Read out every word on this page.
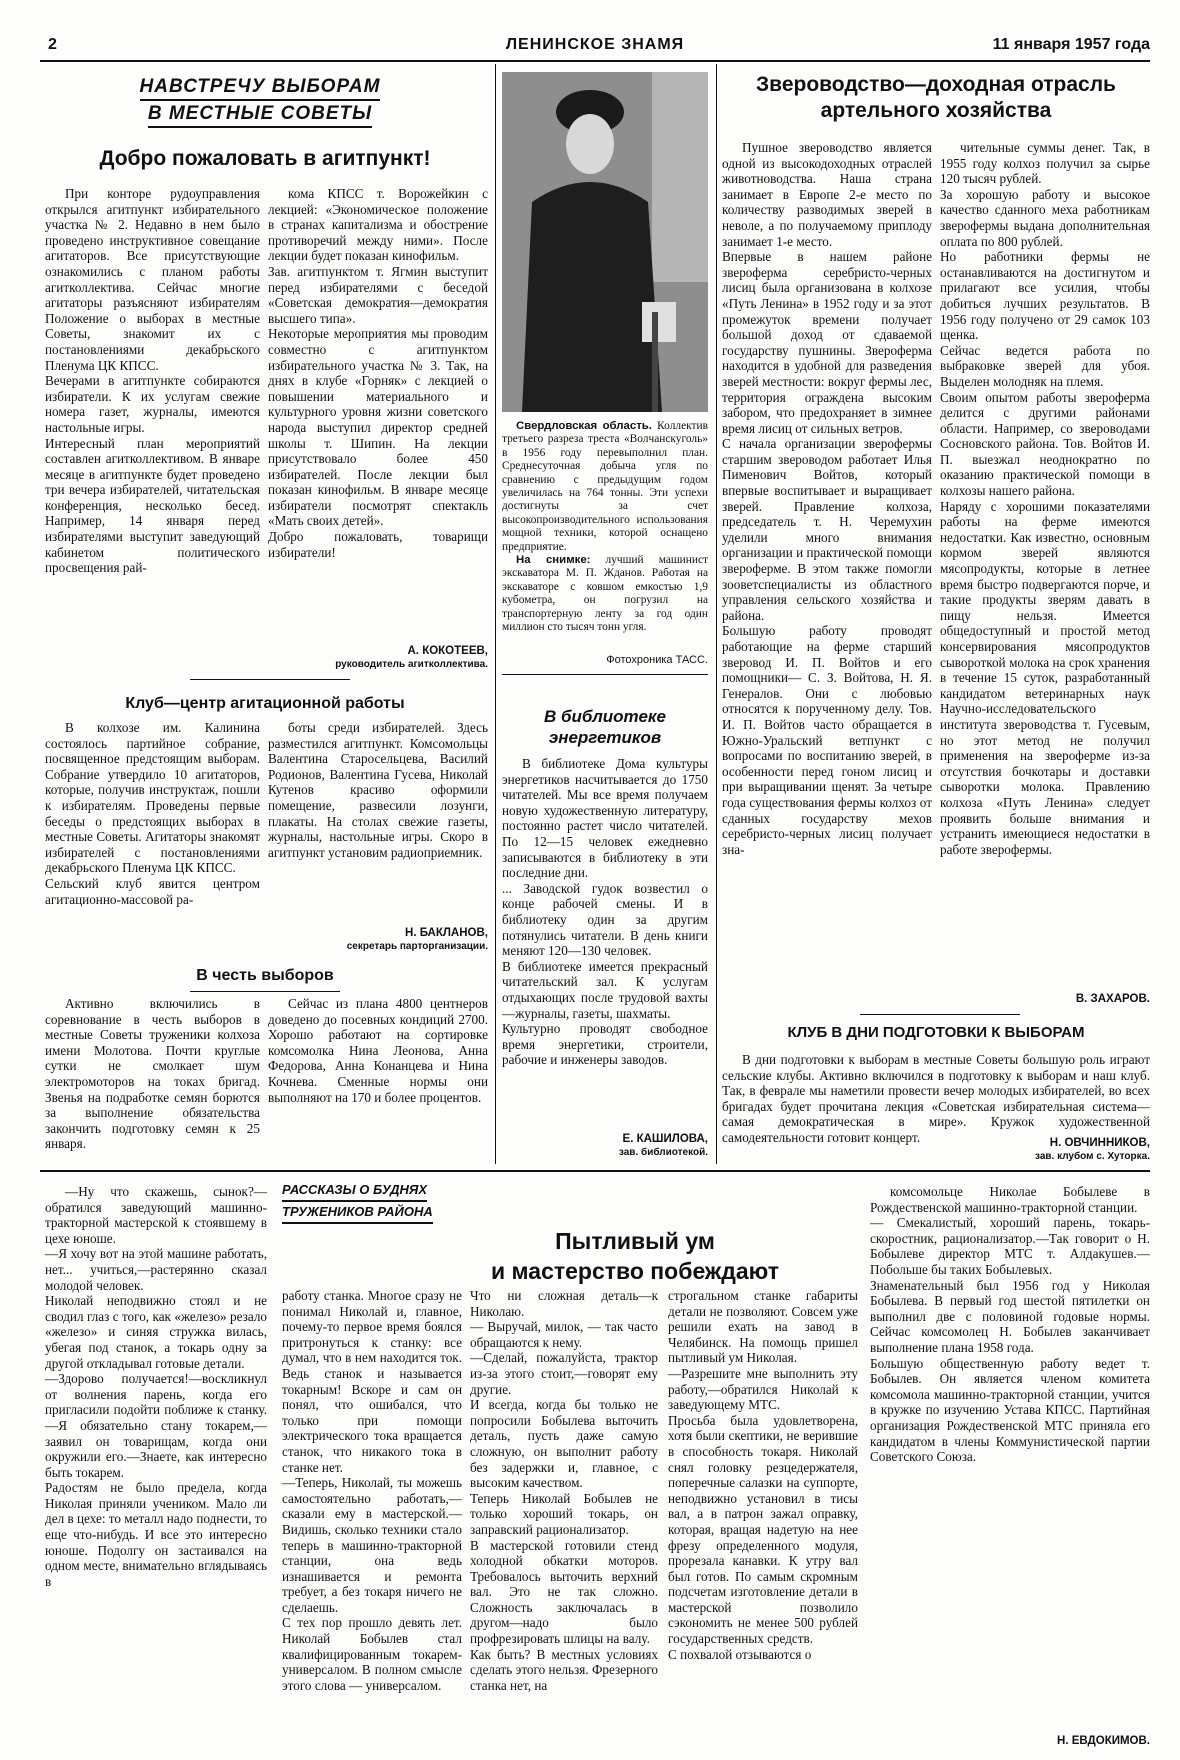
2	ЛЕНИНСКОЕ ЗНАМЯ	11 января 1957 года
НАВСТРЕЧУ ВЫБОРАМ
В МЕСТНЫЕ СОВЕТЫ
Добро пожаловать в агитпункт!
При конторе рудоуправления открылся агитпункт избирательного участка № 2. Недавно в нем было проведено инструктивное совещание агитаторов. Все присутствующие ознакомились с планом работы агитколлектива. Сейчас многие агитаторы разъясняют избирателям Положение о выборах в местные Советы, знакомит их с постановлениями декабрьского Пленума ЦК КПСС.
Вечерами в агитпункте собираются избиратели. К их услугам свежие номера газет, журналы, имеются настольные игры.
Интересный план мероприятий составлен агитколлективом. В январе месяце в агитпункте будет проведено три вечера избирателей, читательская конференция, несколько бесед. Например, 14 января перед избирателями выступит заведующий кабинетом политического просвещения рай-
кома КПСС т. Ворожейкин с лекцией: «Экономическое положение в странах капитализма и обострение противоречий между ними». После лекции будет показан кинофильм.
Зав. агитпунктом т. Ягмин выступит перед избирателями с беседой «Советская демократия—демократия высшего типа».
Некоторые мероприятия мы проводим совместно с агитпунктом избирательного участка № 3. Так, на днях в клубе «Горняк» с лекцией о повышении материального и культурного уровня жизни советского народа выступил директор средней школы т. Шипин. На лекции присутствовало более 450 избирателей. После лекции был показан кинофильм. В январе месяце избиратели посмотрят спектакль «Мать своих детей».
Добро пожаловать, товарищи избиратели!
А. КОКОТЕЕВ,
руководитель агитколлектива.
Клуб—центр агитационной работы
В колхозе им. Калинина состоялось партийное собрание, посвященное предстоящим выборам. Собрание утвердило 10 агитаторов, которые, получив инструктаж, пошли к избирателям. Проведены первые беседы о предстоящих выборах в местные Советы. Агитаторы знакомят избирателей с постановлениями декабрьского Пленума ЦК КПСС.
Сельский клуб явится центром агитационно-массовой ра-
боты среди избирателей. Здесь разместился агитпункт. Комсомольцы Валентина Старосельцева, Василий Родионов, Валентина Гусева, Николай Кутенов красиво оформили помещение, развесили лозунги, плакаты. На столах свежие газеты, журналы, настольные игры. Скоро в агитпункт установим радиоприемник.
Н. БАКЛАНОВ,
секретарь парторганизации.
В честь выборов
Активно включились в соревнование в честь выборов в местные Советы труженики колхоза имени Молотова. Почти круглые сутки не смолкает шум электромоторов на токах бригад. Звенья на подработке семян борются за выполнение обязательства закончить подготовку семян к 25 января.
Сейчас из плана 4800 центнеров доведено до посевных кондиций 2700. Хорошо работают на сортировке комсомолка Нина Леонова, Анна Федорова, Анна Конанцева и Нина Кочнева. Сменные нормы они выполняют на 170 и более процентов.
Свердловская область. Коллектив третьего разреза треста «Волчанскуголь» в 1956 году перевыполнил план. Среднесуточная добыча угля по сравнению с предыдущим годом увеличилась на 764 тонны. Эти успехи достигнуты за счет высокопроизводительного использования мощной техники, которой оснащено предприятие.
На снимке: лучший машинист экскаватора М. П. Жданов. Работая на экскаваторе с ковшом емкостью 1,9 кубометра, он погрузил на транспортерную ленту за год один миллион сто тысяч тонн угля.
Фотохроника ТАСС.
В библиотеке
энергетиков
В библиотеке Дома культуры энергетиков насчитывается до 1750 читателей. Мы все время получаем новую художественную литературу, постоянно растет число читателей. По 12—15 человек ежедневно записываются в библиотеку в эти последние дни.
... Заводской гудок возвестил о конце рабочей смены. И в библиотеку один за другим потянулись читатели. В день книги меняют 120—130 человек.
В библиотеке имеется прекрасный читательский зал. К услугам отдыхающих после трудовой вахты—журналы, газеты, шахматы.
Культурно проводят свободное время энергетики, строители, рабочие и инженеры заводов.
Е. КАШИЛОВА,
зав. библиотекой.
Звероводство—доходная отрасль
артельного хозяйства
Пушное звероводство является одной из высокодоходных отраслей животноводства. Наша страна занимает в Европе 2-е место по количеству разводимых зверей в неволе, а по получаемому приплоду занимает 1-е место.
Впервые в нашем районе звероферма серебристо-черных лисиц была организована в колхозе «Путь Ленина» в 1952 году и за этот промежуток времени получает большой доход от сдаваемой государству пушнины. Звероферма находится в удобной для разведения зверей местности: вокруг фермы лес, территория ограждена высоким забором, что предохраняет в зимнее время лисиц от сильных ветров.
С начала организации зверофермы старшим звероводом работает Илья Пименович Войтов, который впервые воспитывает и выращивает зверей. Правление колхоза, председатель т. Н. Черемухин уделили много внимания организации и практической помощи звероферме. В этом также помогли зооветспециалисты из областного управления сельского хозяйства и района.
Большую работу проводят работающие на ферме старший зверовод И. П. Войтов и его помощники— С. З. Войтова, Н. Я. Генералов. Они с любовью относятся к порученному делу. Тов. И. П. Войтов часто обращается в Южно-Уральский ветпункт с вопросами по воспитанию зверей, в особенности перед гоном лисиц и при выращивании щенят. За четыре года существования фермы колхоз от сданных государству мехов серебристо-черных лисиц получает зна-
чительные суммы денег. Так, в 1955 году колхоз получил за сырье 120 тысяч рублей.
За хорошую работу и высокое качество сданного меха работникам зверофермы выдана дополнительная оплата по 800 рублей.
Но работники фермы не останавливаются на достигнутом и прилагают все усилия, чтобы добиться лучших результатов. В 1956 году получено от 29 самок 103 щенка.
Сейчас ведется работа по выбраковке зверей для убоя. Выделен молодняк на племя.
Своим опытом работы звероферма делится с другими районами области. Например, со звероводами Сосновского района. Тов. Войтов И. П. выезжал неоднократно по оказанию практической помощи в колхозы нашего района.
Наряду с хорошими показателями работы на ферме имеются недостатки. Как известно, основным кормом зверей являются мясопродукты, которые в летнее время быстро подвергаются порче, и такие продукты зверям давать в пищу нельзя. Имеется общедоступный и простой метод консервирования мясопродуктов сывороткой молока на срок хранения в течение 15 суток, разработанный кандидатом ветеринарных наук Научно-исследовательского института звероводства т. Гусевым, но этот метод не получил применения на звероферме из-за отсутствия бочкотары и доставки сыворотки молока. Правлению колхоза «Путь Ленина» следует проявить больше внимания и устранить имеющиеся недостатки в работе зверофермы.
В. ЗАХАРОВ.
КЛУБ В ДНИ ПОДГОТОВКИ К ВЫБОРАМ
В дни подготовки к выборам в местные Советы большую роль играют сельские клубы. Активно включился в подготовку к выборам и наш клуб. Так, в феврале мы наметили провести вечер молодых избирателей, во всех бригадах будет прочитана лекция «Советская избирательная система—самая демократическая в мире». Кружок художественной самодеятельности готовит концерт.	Н. ОВЧИННИКОВ,
зав. клубом с. Хуторка.
РАССКАЗЫ О БУДНЯХ
ТРУЖЕНИКОВ РАЙОНА
Пытливый ум
и мастерство побеждают
—Ну что скажешь, сынок?—обратился заведующий машинно-тракторной мастерской к стоявшему в цехе юноше.
—Я хочу вот на этой машине работать, нет... учиться,—растерянно сказал молодой человек.
Николай неподвижно стоял и не сводил глаз с того, как «железо» резало «железо» и синяя стружка вилась, убегая под станок, а токарь одну за другой откладывал готовые детали.
—Здорово получается!—воскликнул от волнения парень, когда его пригласили подойти поближе к станку.—Я обязательно стану токарем,—заявил он товарищам, когда они окружили его.—Знаете, как интересно быть токарем.
Радостям не было предела, когда Николая приняли учеником. Мало ли дел в цехе: то металл надо поднести, то еще что-нибудь. И все это интересно юноше. Подолгу он застаивался на одном месте, внимательно вглядываясь в
работу станка. Многое сразу не понимал Николай и, главное, почему-то первое время боялся притронуться к станку: все думал, что в нем находится ток. Ведь станок и называется токарным! Вскоре и сам он понял, что ошибался, что только при помощи электрического тока вращается станок, что никакого тока в станке нет.
—Теперь, Николай, ты можешь самостоятельно работать,—сказали ему в мастерской.—Видишь, сколько техники стало теперь в машинно-тракторной станции, она ведь изнашивается и ремонта требует, а без токаря ничего не сделаешь.
С тех пор прошло девять лет. Николай Бобылев стал квалифицированным токарем-универсалом. В полном смысле этого слова — универсалом.
Что ни сложная деталь—к Николаю.
— Выручай, милок, — так часто обращаются к нему.
—Сделай, пожалуйста, трактор из-за этого стоит,—говорят ему другие.
И всегда, когда бы только не попросили Бобылева выточить деталь, пусть даже самую сложную, он выполнит работу без задержки и, главное, с высоким качеством.
Теперь Николай Бобылев не только хороший токарь, он заправский рационализатор.
В мастерской готовили стенд холодной обкатки моторов. Требовалось выточить верхний вал. Это не так сложно. Сложность заключалась в другом—надо было профрезировать шлицы на валу.
Как быть? В местных условиях сделать этого нельзя. Фрезерного станка нет, на
строгальном станке габариты детали не позволяют. Совсем уже решили ехать на завод в Челябинск. На помощь пришел пытливый ум Николая.
—Разрешите мне выполнить эту работу,—обратился Николай к заведующему МТС.
Просьба была удовлетворена, хотя были скептики, не верившие в способность токаря. Николай снял головку резцедержателя, поперечные салазки на суппорте, неподвижно установил в тисы вал, а в патрон зажал оправку, которая, вращая надетую на нее фрезу определенного модуля, прорезала канавки. К утру вал был готов. По самым скромным подсчетам изготовление детали в мастерской позволило сэкономить не менее 500 рублей государственных средств.
С похвалой отзываются о
комсомольце Николае Бобылеве в Рождественской машинно-тракторной станции.
— Смекалистый, хороший парень, токарь-скоростник, рационализатор.—Так говорит о Н. Бобылеве директор МТС т. Алдакушев.—Побольше бы таких Бобылевых.
Знаменательный был 1956 год у Николая Бобылева. В первый год шестой пятилетки он выполнил две с половиной годовые нормы. Сейчас комсомолец Н. Бобылев заканчивает выполнение плана 1958 года.
Большую общественную работу ведет т. Бобылев. Он является членом комитета комсомола машинно-тракторной станции, учится в кружке по изучению Устава КПСС. Партийная организация Рождественской МТС приняла его кандидатом в члены Коммунистической партии Советского Союза.
Н. ЕВДОКИМОВ.
